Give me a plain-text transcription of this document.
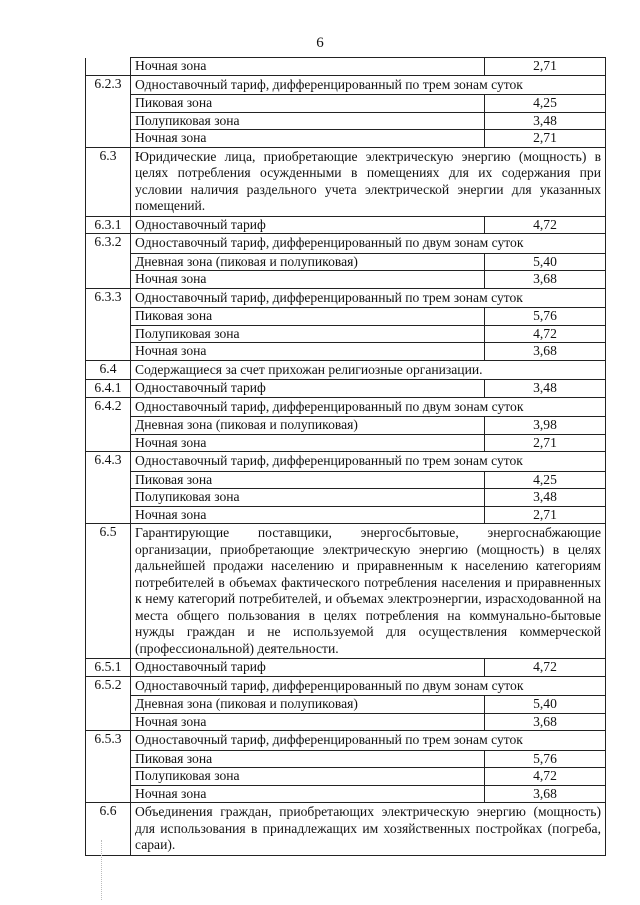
6
	Ночная зона	2,71
6.2.3	Одноставочный тариф, дифференцированный по трем зонам суток	
	Пиковая зона	4,25
	Полупиковая зона	3,48
	Ночная зона	2,71
6.3	Юридические лица, приобретающие электрическую энергию (мощность) в целях потребления осужденными в помещениях для их содержания при условии наличия раздельного учета электрической энергии для указанных помещений.	
6.3.1	Одноставочный тариф	4,72
6.3.2	Одноставочный тариф, дифференцированный по двум зонам суток	
	Дневная зона (пиковая и полупиковая)	5,40
	Ночная зона	3,68
6.3.3	Одноставочный тариф, дифференцированный по трем зонам суток	
	Пиковая зона	5,76
	Полупиковая зона	4,72
	Ночная зона	3,68
6.4	Содержащиеся за счет прихожан религиозные организации.	
6.4.1	Одноставочный тариф	3,48
6.4.2	Одноставочный тариф, дифференцированный по двум зонам суток	
	Дневная зона (пиковая и полупиковая)	3,98
	Ночная зона	2,71
6.4.3	Одноставочный тариф, дифференцированный по трем зонам суток	
	Пиковая зона	4,25
	Полупиковая зона	3,48
	Ночная зона	2,71
6.5	Гарантирующие поставщики, энергосбытовые, энергоснабжающие организации, приобретающие электрическую энергию (мощность) в целях дальнейшей продажи населению и приравненным к населению категориям потребителей в объемах фактического потребления населения и приравненных к нему категорий потребителей, и объемах электроэнергии, израсходованной на места общего пользования в целях потребления на коммунально-бытовые нужды граждан и не используемой для осуществления коммерческой (профессиональной) деятельности.	
6.5.1	Одноставочный тариф	4,72
6.5.2	Одноставочный тариф, дифференцированный по двум зонам суток	
	Дневная зона (пиковая и полупиковая)	5,40
	Ночная зона	3,68
6.5.3	Одноставочный тариф, дифференцированный по трем зонам суток	
	Пиковая зона	5,76
	Полупиковая зона	4,72
	Ночная зона	3,68
6.6	Объединения граждан, приобретающих электрическую энергию (мощность) для использования в принадлежащих им хозяйственных постройках (погреба, сараи).	
